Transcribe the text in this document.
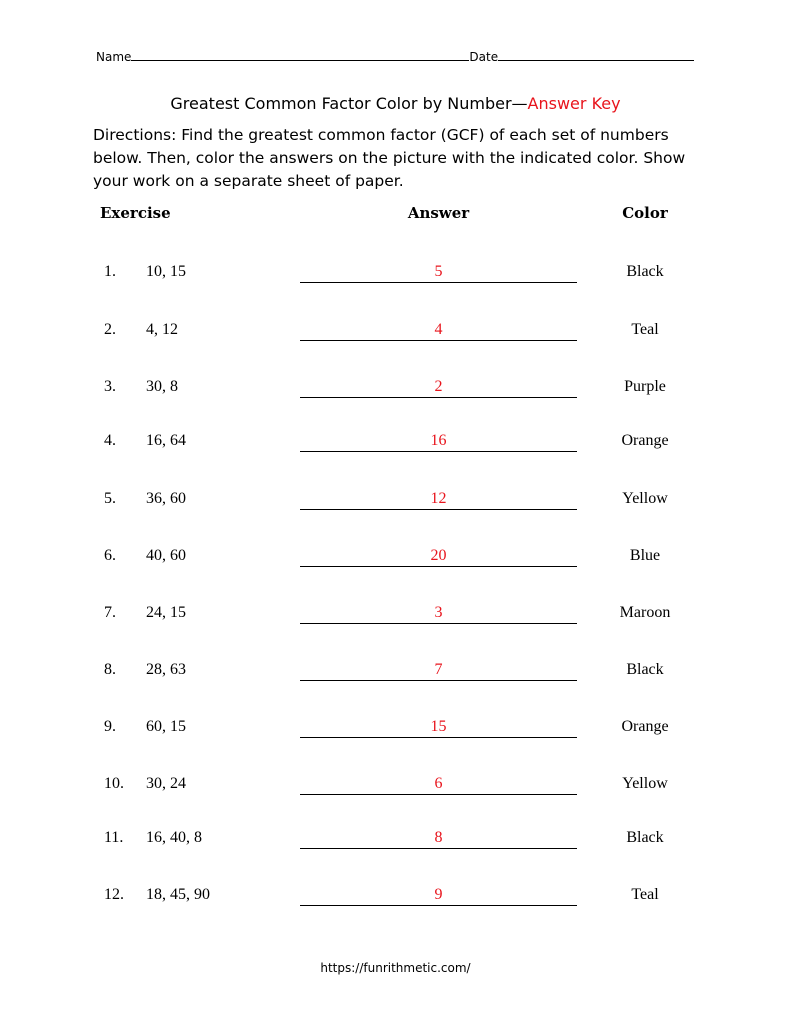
Name	Date
Greatest Common Factor Color by Number—Answer Key
Directions: Find the greatest common factor (GCF) of each set of numbers below. Then, color the answers on the picture with the indicated color. Show your work on a separate sheet of paper.
Exercise	Answer	Color
1. 10, 15	5	Black
2. 4, 12	4	Teal
3. 30, 8	2	Purple
4. 16, 64	16	Orange
5. 36, 60	12	Yellow
6. 40, 60	20	Blue
7. 24, 15	3	Maroon
8. 28, 63	7	Black
9. 60, 15	15	Orange
10. 30, 24	6	Yellow
11. 16, 40, 8	8	Black
12. 18, 45, 90	9	Teal
https://funrithmetic.com/
